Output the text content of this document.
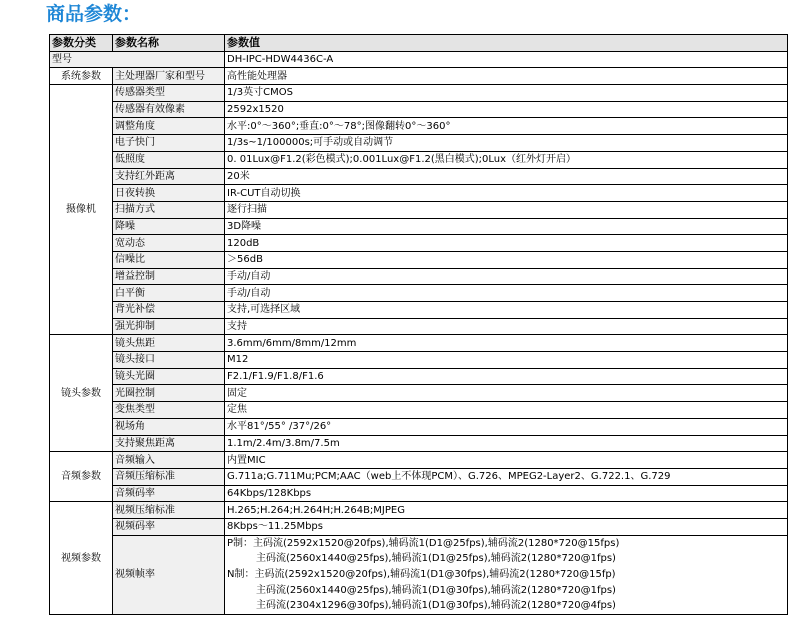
商品参数：
参数分类	参数名称	参数值
型号		DH-IPC-HDW4436C-A
系统参数	主处理器厂家和型号	高性能处理器
摄像机	传感器类型	1/3英寸CMOS
	传感器有效像素	2592x1520
	调整角度	水平:0°～360°;垂直:0°～78°;图像翻转0°～360°
	电子快门	1/3s~1/100000s;可手动或自动调节
	低照度	0. 01Lux@F1.2(彩色模式);0.001Lux@F1.2(黑白模式);0Lux（红外灯开启）
	支持红外距离	20米
	日夜转换	IR-CUT自动切换
	扫描方式	逐行扫描
	降噪	3D降噪
	宽动态	120dB
	信噪比	＞56dB
	增益控制	手动/自动
	白平衡	手动/自动
	背光补偿	支持,可选择区域
	强光抑制	支持
镜头参数	镜头焦距	3.6mm/6mm/8mm/12mm
	镜头接口	M12
	镜头光圈	F2.1/F1.9/F1.8/F1.6
	光圈控制	固定
	变焦类型	定焦
	视场角	水平81°/55° /37°/26°
	支持聚焦距离	1.1m/2.4m/3.8m/7.5m
音频参数	音频输入	内置MIC
	音频压缩标准	G.711a;G.711Mu;PCM;AAC（web上不体现PCM）、G.726、MPEG2-Layer2、G.722.1、G.729
	音频码率	64Kbps/128Kbps
视频参数	视频压缩标准	H.265;H.264;H.264H;H.264B;MJPEG
	视频码率	8Kbps～11.25Mbps
	视频帧率	P制：主码流(2592x1520@20fps),辅码流1(D1@25fps),辅码流2(1280*720@15fps)
主码流(2560x1440@25fps),辅码流1(D1@25fps),辅码流2(1280*720@1fps)
N制：主码流(2592x1520@20fps),辅码流1(D1@30fps),辅码流2(1280*720@15fp)
主码流(2560x1440@25fps),辅码流1(D1@30fps),辅码流2(1280*720@1fps)
主码流(2304x1296@30fps),辅码流1(D1@30fps),辅码流2(1280*720@4fps)
